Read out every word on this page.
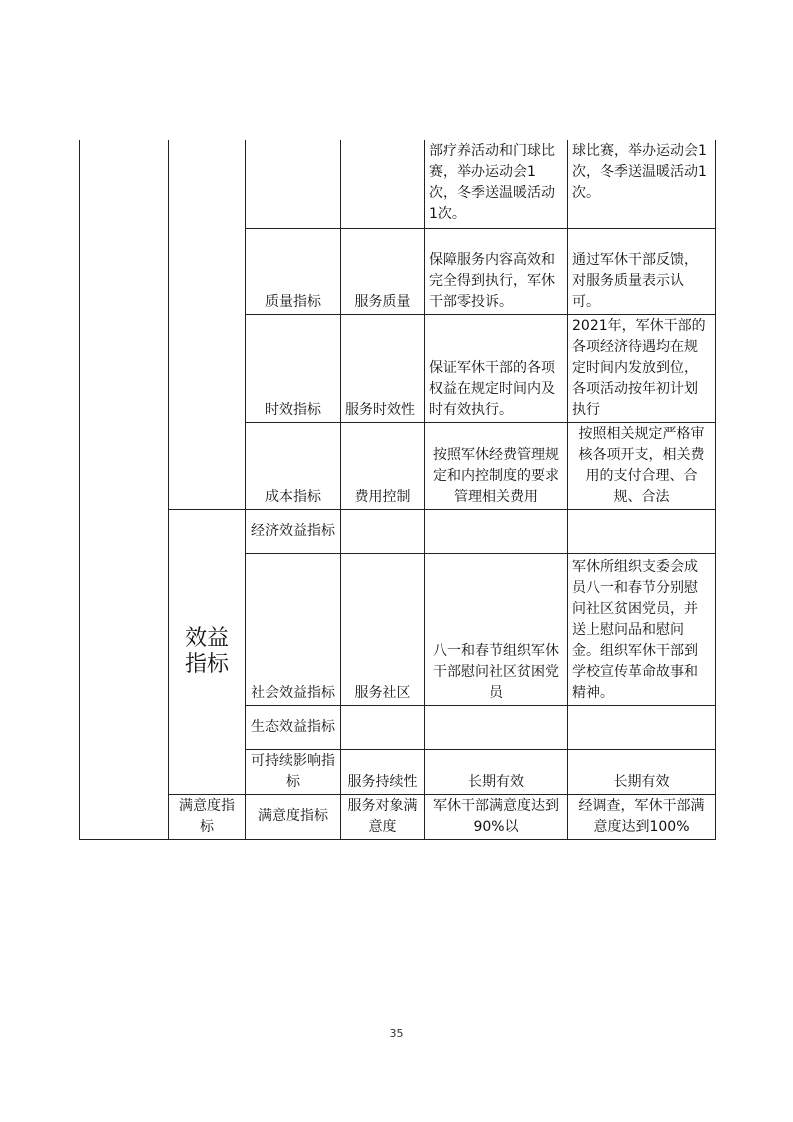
				部疗养活动和门球比赛，举办运动会1次，冬季送温暖活动1次。	球比赛，举办运动会1次，冬季送温暖活动1次。
		质量指标	服务质量	保障服务内容高效和完全得到执行，军休干部零投诉。	通过军休干部反馈，对服务质量表示认可。
		时效指标	服务时效性	保证军休干部的各项权益在规定时间内及时有效执行。	2021年，军休干部的各项经济待遇均在规定时间内发放到位，各项活动按年初计划执行
		成本指标	费用控制	按照军休经费管理规定和内控制度的要求管理相关费用	按照相关规定严格审核各项开支，相关费用的支付合理、合规、合法
	效益指标	经济效益指标			
		社会效益指标	服务社区	八一和春节组织军休干部慰问社区贫困党员	军休所组织支委会成员八一和春节分别慰问社区贫困党员，并送上慰问品和慰问金。组织军休干部到学校宣传革命故事和精神。
		生态效益指标			
		可持续影响指标	服务持续性	长期有效	长期有效
	满意度指标	满意度指标	服务对象满意度	军休干部满意度达到90%以	经调查，军休干部满意度达到100%
35
